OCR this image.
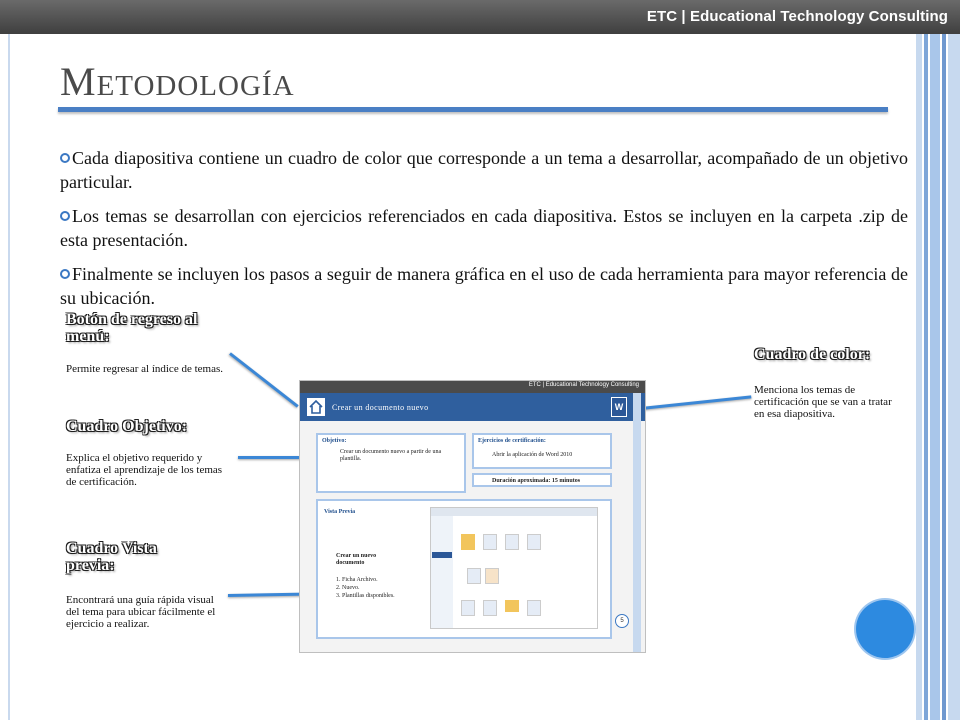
ETC | Educational Technology Consulting
METODOLOGÍA
Cada diapositiva contiene un cuadro de color que corresponde a un tema a desarrollar, acompañado de un objetivo particular.
Los temas se desarrollan con ejercicios referenciados en cada diapositiva. Estos se incluyen en la carpeta .zip de esta presentación.
Finalmente se incluyen los pasos a seguir de manera gráfica en el uso de cada herramienta para mayor referencia de su ubicación.
Botón de regreso al menú:
Permite regresar al índice de temas.
Cuadro Objetivo:
Explica el objetivo requerido y enfatiza el aprendizaje de los temas de certificación.
Cuadro Vista previa:
Encontrará una guía rápida visual del tema para ubicar fácilmente el ejercicio a realizar.
Cuadro de color:
Menciona los temas de certificación que se van a tratar en esa diapositiva.
ETC | Educational Technology Consulting
Crear un documento nuevo	W
Objetivo:
Crear un documento nuevo a partir de una plantilla.
Ejercicios de certificación:
Abrir la aplicación de Word 2010
Duración aproximada: 15 minutos
Vista Previa
Crear un nuevo documento
1. Ficha Archivo.
2. Nuevo.
3. Plantillas disponibles.
5
